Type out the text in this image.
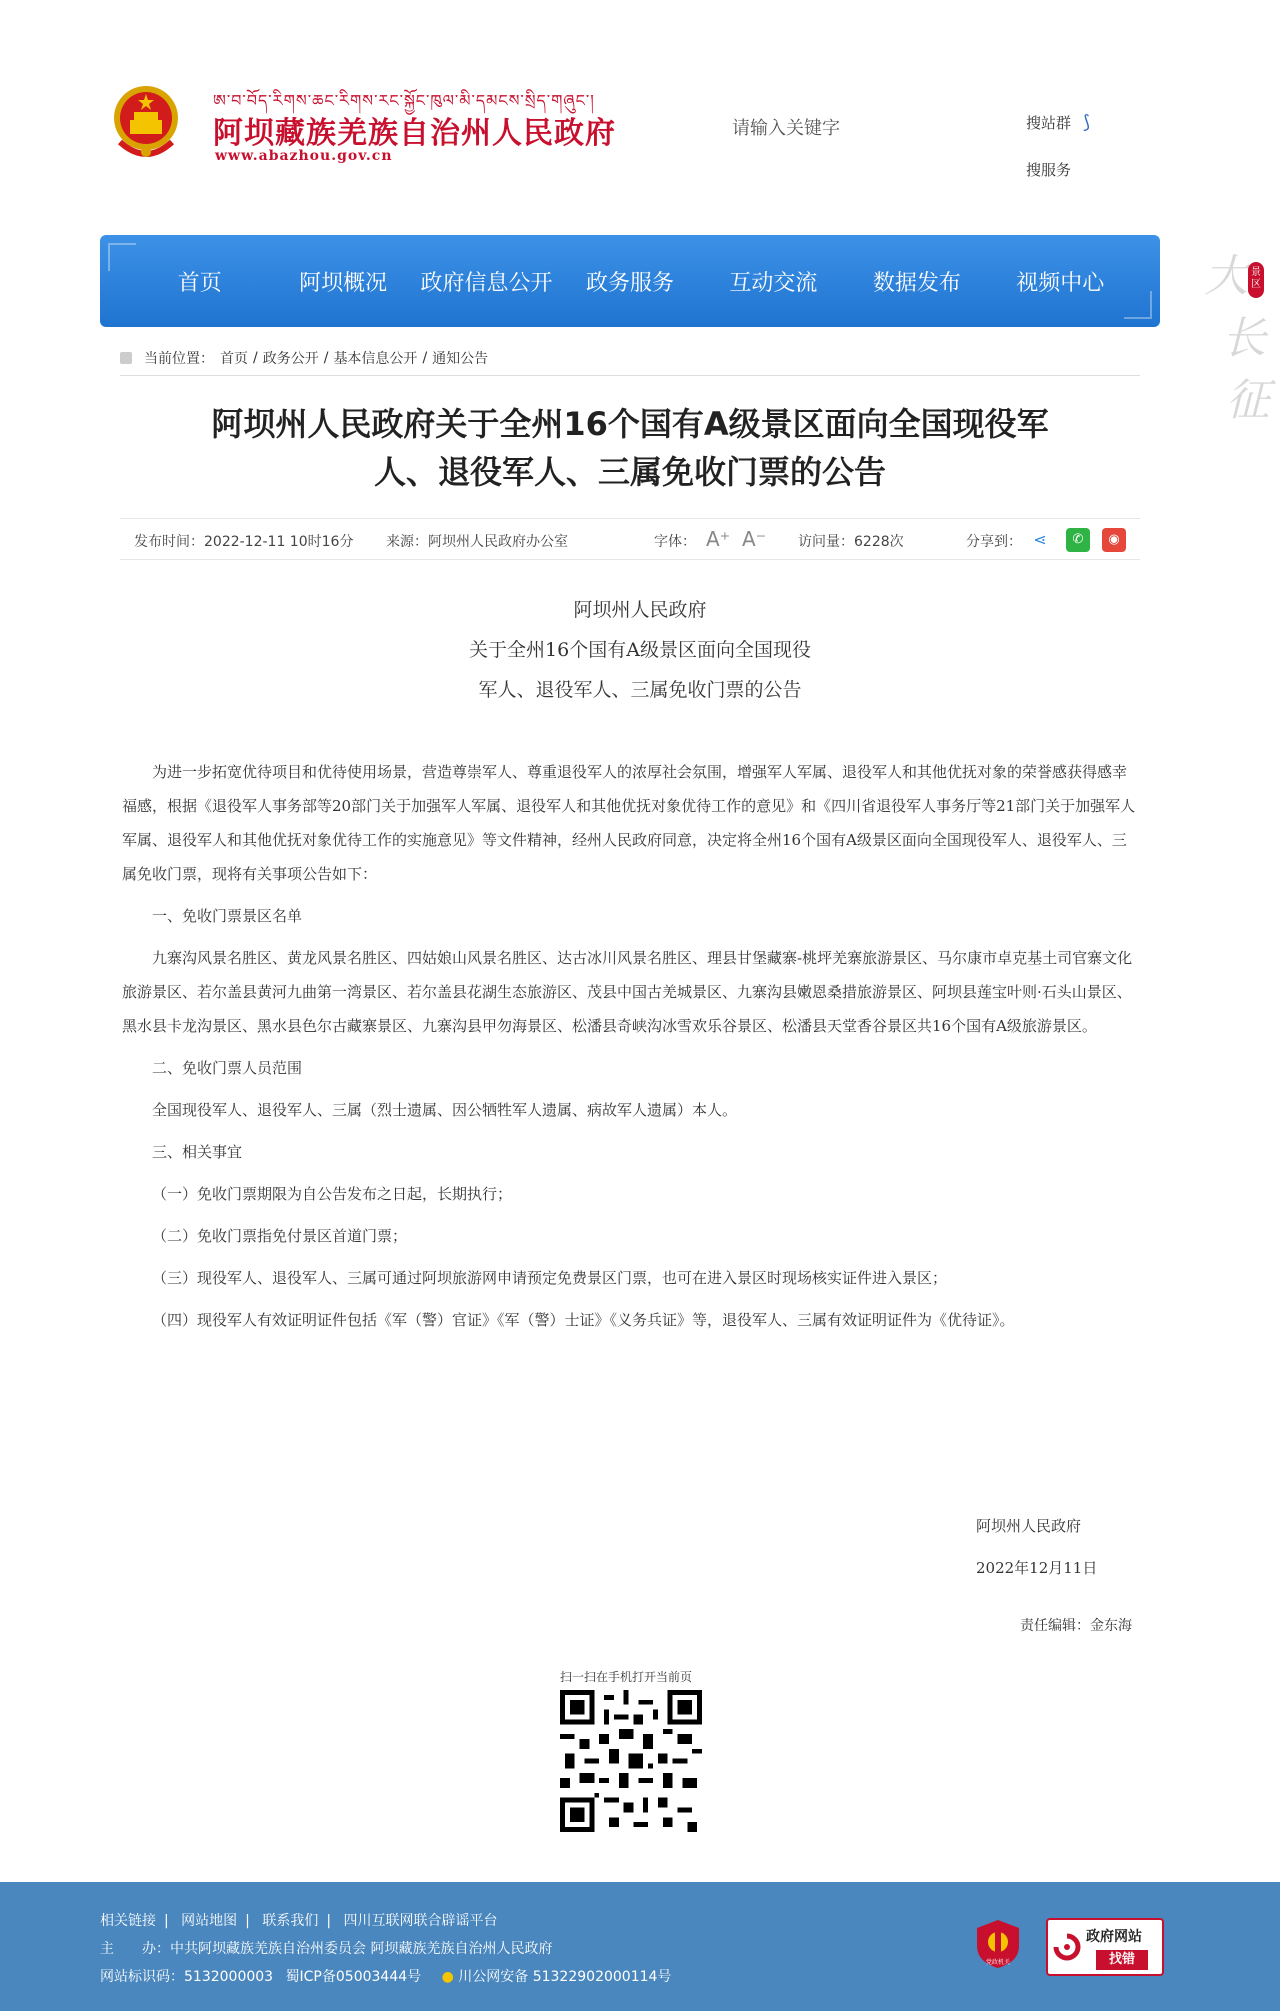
ཨ་བ་བོད་རིགས་ཆང་རིགས་རང་སྐྱོང་ཁུལ་མི་དམངས་སྲིད་གཞུང་།
阿坝藏族羌族自治州人民政府
www.abazhou.gov.cn
请输入关键字
搜站群 ⟆
搜服务
大
长
征
景区
首页	阿坝概况	政府信息公开	政务服务	互动交流	数据发布	视频中心
当前位置： 首页 / 政务公开 / 基本信息公开 / 通知公告
阿坝州人民政府关于全州16个国有A级景区面向全国现役军
人、退役军人、三属免收门票的公告
发布时间：2022-12-11 10时16分 来源：阿坝州人民政府办公室	字体： A⁺ A⁻ 访问量：6228次	分享到： ⋖	✆	◉
阿坝州人民政府
关于全州16个国有A级景区面向全国现役
军人、退役军人、三属免收门票的公告

为进一步拓宽优待项目和优待使用场景，营造尊崇军人、尊重退役军人的浓厚社会氛围，增强军人军属、退役军人和其他优抚对象的荣誉感获得感幸福感，根据《退役军人事务部等20部门关于加强军人军属、退役军人和其他优抚对象优待工作的意见》和《四川省退役军人事务厅等21部门关于加强军人军属、退役军人和其他优抚对象优待工作的实施意见》等文件精神，经州人民政府同意，决定将全州16个国有A级景区面向全国现役军人、退役军人、三属免收门票，现将有关事项公告如下：

一、免收门票景区名单

九寨沟风景名胜区、黄龙风景名胜区、四姑娘山风景名胜区、达古冰川风景名胜区、理县甘堡藏寨-桃坪羌寨旅游景区、马尔康市卓克基土司官寨文化旅游景区、若尔盖县黄河九曲第一湾景区、若尔盖县花湖生态旅游区、茂县中国古羌城景区、九寨沟县嫩恩桑措旅游景区、阿坝县莲宝叶则·石头山景区、黑水县卡龙沟景区、黑水县色尔古藏寨景区、九寨沟县甲勿海景区、松潘县奇峡沟冰雪欢乐谷景区、松潘县天堂香谷景区共16个国有A级旅游景区。

二、免收门票人员范围

全国现役军人、退役军人、三属（烈士遗属、因公牺牲军人遗属、病故军人遗属）本人。

三、相关事宜

（一）免收门票期限为自公告发布之日起，长期执行；

（二）免收门票指免付景区首道门票；

（三）现役军人、退役军人、三属可通过阿坝旅游网申请预定免费景区门票，也可在进入景区时现场核实证件进入景区；

（四）现役军人有效证明证件包括《军（警）官证》《军（警）士证》《义务兵证》等，退役军人、三属有效证明证件为《优待证》。

阿坝州人民政府
2022年12月11日
责任编辑：金东海
扫一扫在手机打开当前页
相关链接 | 网站地图 | 联系我们 | 四川互联网联合辟谣平台
主　　办：中共阿坝藏族羌族自治州委员会 阿坝藏族羌族自治州人民政府
网站标识码：5132000003 蜀ICP备05003444号 ● 川公网安备 51322902000114号
党政机关
政府网站
找错
